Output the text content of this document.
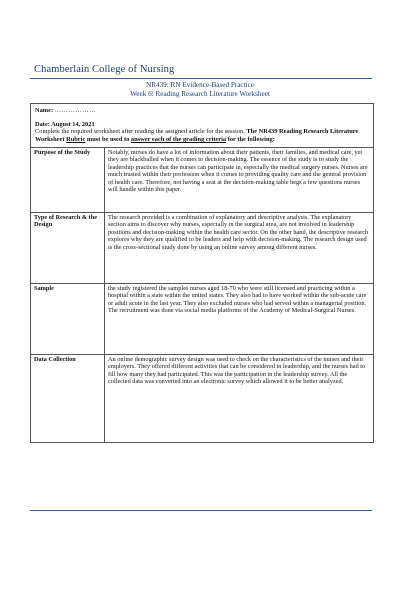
Chamberlain College of Nursing
NR439: RN Evidence-Based Practice
Week 6: Reading Research Literature Worksheet
Name: ………………
Date: August 14, 2021
Complete the required worksheet after reading the assigned article for the session. The NR439 Reading Research Literature Worksheet Rubric must be used to answer each of the grading criteria for the following:
Purpose of the Study	Notably, nurses do have a lot of information about their patients, their families, and medical care, yet they are blackballed when it comes to decision-making. The essence of the study is to study the leadership practices that the nurses can participate in, especially the medical surgery nurses. Nurses are much trusted within their profession when it comes to providing quality care and the general provision of health care. Therefore, not having a seat at the decision-making table begs a few questions nurses will handle within this paper.
Type of Research & the Design	The research provided is a combination of explanatory and descriptive analysis. The explanatory section aims to discover why nurses, especially in the surgical area, are not involved in leadership positions and decision-making within the health care sector. On the other hand, the descriptive research explores why they are qualified to be leaders and help with decision-making. The research design used is the cross-sectional study done by using an online survey among different nurses.
Sample	the study registered the samples nurses aged 18-70 who were still licensed and practicing within a hospital within a state within the united states. They also had to have worked within the sub-acute care or adult acute in the last year. They also excluded nurses who had served within a managerial position. The recruitment was done via social media platforms of the Academy of Medical-Surgical Nurses.
Data Collection	An online demographic survey design was used to check on the characteristics of the nurses and their employers. They offered different activities that can be considered in leadership, and the nurses had to fill how many they had participated. This was the participation in the leadership survey. All the collected data was converted into an electronic survey which allowed it to be better analyzed.
